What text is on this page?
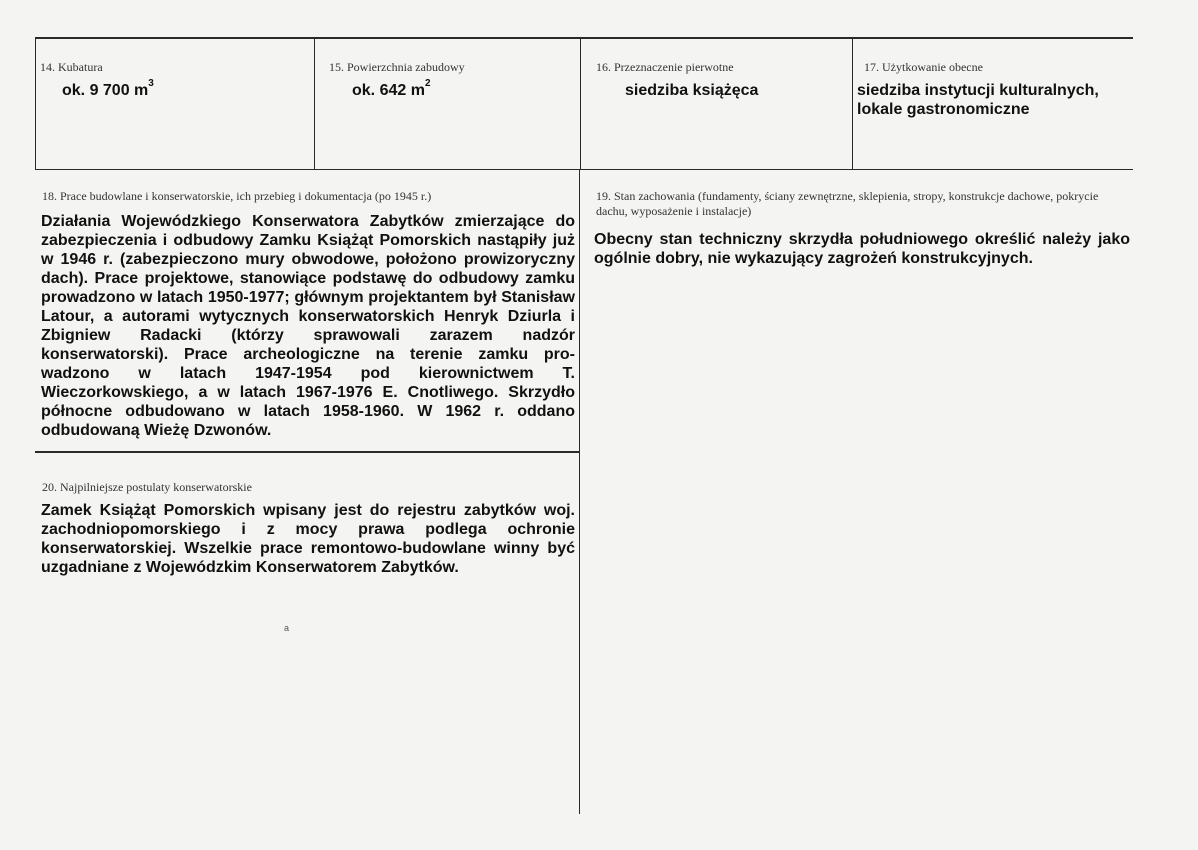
14. Kubatura
ok. 9 700 $m^3$
15. Powierzchnia zabudowy
ok. 642 $m^2$
16. Przeznaczenie pierwotne
siedziba książęca
17. Użytkowanie obecne
siedziba instytucji kulturalnych, lokale gastronomiczne
18. Prace budowlane i konserwatorskie, ich przebieg i dokumentacja (po 1945 r.)
Działania Wojewódzkiego Konserwatora Zabytków zmierzające do zabezpieczenia i odbudowy Zamku Książąt Pomorskich nastąpiły już w 1946 r. (zabezpieczono mury obwodowe, położono prowizoryczny dach). Prace projektowe, stanowiące podstawę do odbudowy zamku prowadzono w latach 1950-1977; głównym projektantem był Stanisław Latour, a autorami wytycznych konserwatorskich Henryk Dziurla i Zbigniew Radacki (którzy sprawowali zarazem nadzór konserwatorski). Prace archeologiczne na terenie zamku pro-wadzono w latach 1947-1954 pod kierownictwem T. Wieczorkowskiego, a w latach 1967-1976 E. Cnotliwego. Skrzydło północne odbudowano w latach 1958-1960. W 1962 r. oddano odbudowaną Wieżę Dzwonów.
19. Stan zachowania (fundamenty, ściany zewnętrzne, sklepienia, stropy, konstrukcje dachowe, pokrycie dachu, wyposażenie i instalacje)
Obecny stan techniczny skrzydła południowego określić należy jako ogólnie dobry, nie wykazujący zagrożeń konstrukcyjnych.
20. Najpilniejsze postulaty konserwatorskie
Zamek Książąt Pomorskich wpisany jest do rejestru zabytków woj. zachodniopomorskiego i z mocy prawa podlega ochronie konserwatorskiej. Wszelkie prace remontowo-budowlane winny być uzgadniane z Wojewódzkim Konserwatorem Zabytków.
a
